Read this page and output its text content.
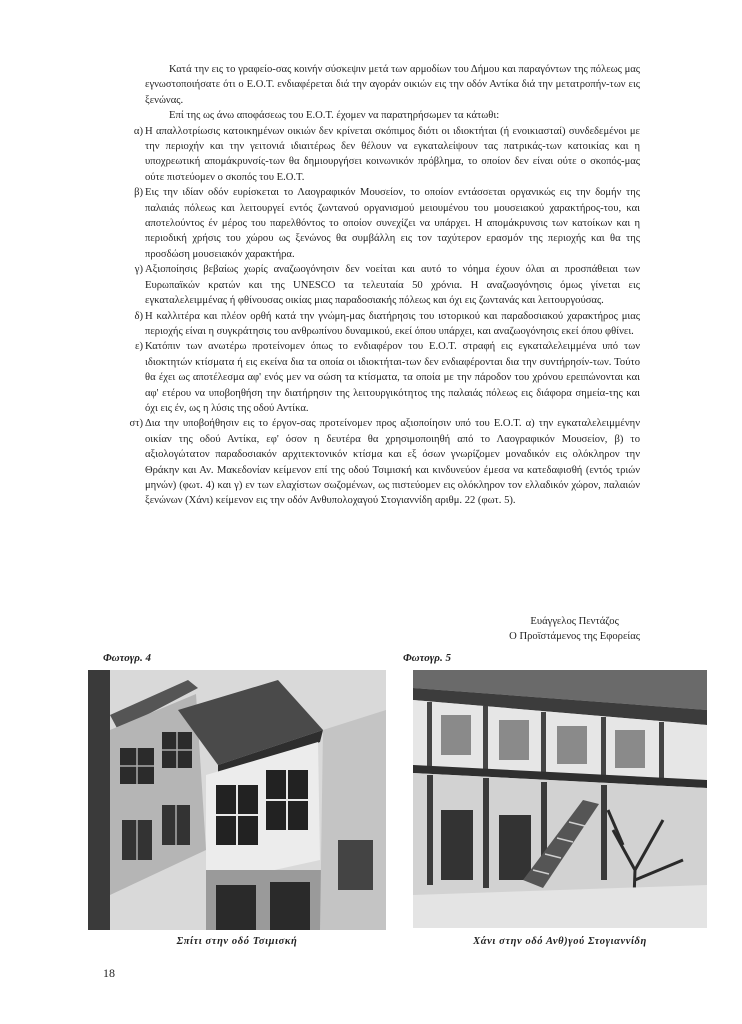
Κατά την εις το γραφείο-σας κοινήν σύσκεψιν μετά των αρμοδίων του Δήμου και παραγόντων της πόλεως μας εγνωστοποιήσατε ότι ο Ε.Ο.Τ. ενδιαφέρεται διά την αγοράν οικιών εις την οδόν Αντίκα διά την μετατροπήν-των εις ξενώνας.

Επί της ως άνω αποφάσεως του Ε.Ο.Τ. έχομεν να παρατηρήσωμεν τα κάτωθι:

α) Η απαλλοτρίωσις κατοικημένων οικιών δεν κρίνεται σκόπιμος διότι οι ιδιοκτήται (ή ενοικιασταί) συνδεδεμένοι με την περιοχήν και την γειτονιά ιδιαιτέρως δεν θέλουν να εγκαταλείψουν τας πατρικάς-των κατοικίας και η υποχρεωτική απομάκρυνσίς-των θα δημιουργήσει κοινωνικόν πρόβλημα, το οποίον δεν είναι ούτε ο σκοπός-μας ούτε πιστεύομεν ο σκοπός του Ε.Ο.Τ.
β) Εις την ιδίαν οδόν ευρίσκεται το Λαογραφικόν Μουσείον, το οποίον εντάσσεται οργανικώς εις την δομήν της παλαιάς πόλεως και λειτουργεί εντός ζωντανού οργανισμού μειουμένου του μουσειακού χαρακτήρος-του, και αποτελούντος έν μέρος του παρελθόντος το οποίον συνεχίζει να υπάρχει. Η απομάκρυνσις των κατοίκων και η περιοδική χρήσις του χώρου ως ξενώνος θα συμβάλλη εις τον ταχύτερον ερασμόν της περιοχής και θα της προσδώση μουσειακόν χαρακτήρα.
γ) Αξιοποίησις βεβαίως χωρίς αναζωογόνησιν δεν νοείται και αυτό το νόημα έχουν όλαι αι προσπάθειαι των Ευρωπαϊκών κρατών και της UNESCO τα τελευταία 50 χρόνια. Η αναζωογόνησις όμως γίνεται εις εγκαταλελειμμένας ή φθίνουσας οικίας μιας παραδοσιακής πόλεως και όχι εις ζωντανάς και λειτουργούσας.
δ) Η καλλιτέρα και πλέον ορθή κατά την γνώμη-μας διατήρησις του ιστορικού και παραδοσιακού χαρακτήρος μιας περιοχής είναι η συγκράτησις του ανθρωπίνου δυναμικού, εκεί όπου υπάρχει, και αναζωογόνησις εκεί όπου φθίνει.
ε) Κατόπιν των ανωτέρω προτείνομεν όπως το ενδιαφέρον του Ε.Ο.Τ. στραφή εις εγκαταλελειμμένα υπό των ιδιοκτητών κτίσματα ή εις εκείνα δια τα οποία οι ιδιοκτήται-των δεν ενδιαφέρονται δια την συντήρησίν-των. Τούτο θα έχει ως αποτέλεσμα αφ' ενός μεν να σώση τα κτίσματα, τα οποία με την πάροδον του χρόνου ερειπώνονται και αφ' ετέρου να υποβοηθήση την διατήρησιν της λειτουργικότητος της παλαιάς πόλεως εις διάφορα σημεία-της και όχι εις έν, ως η λύσις της οδού Αντίκα.
στ) Δια την υποβοήθησιν εις το έργον-σας προτείνομεν προς αξιοποίησιν υπό του Ε.Ο.Τ. α) την εγκαταλελειμμένην οικίαν της οδού Αντίκα, εφ' όσον η δευτέρα θα χρησιμοποιηθή από το Λαογραφικόν Μουσείον, β) το αξιολογώτατον παραδοσιακόν αρχιτεκτονικόν κτίσμα και εξ όσων γνωρίζομεν μοναδικόν εις ολόκληρον την Θράκην και Αν. Μακεδονίαν κείμενον επί της οδού Τσιμισκή και κινδυνεύον έμεσα να κατεδαφισθή (εντός τριών μηνών) (φωτ. 4) και γ) εν των ελαχίστων σωζομένων, ως πιστεύομεν εις ολόκληρον τον ελλαδικόν χώρον, παλαιών ξενώνων (Χάνι) κείμενον εις την οδόν Ανθυπολοχαγού Στογιαννίδη αριθμ. 22 (φωτ. 5).
Ευάγγελος Πεντάζος
Ο Προϊστάμενος της Εφορείας
Φωτογρ. 4
Σπίτι στην οδό Τσιμισκή
Φωτογρ. 5
Χάνι στην οδό Ανθ)γού Στογιαννίδη
18
